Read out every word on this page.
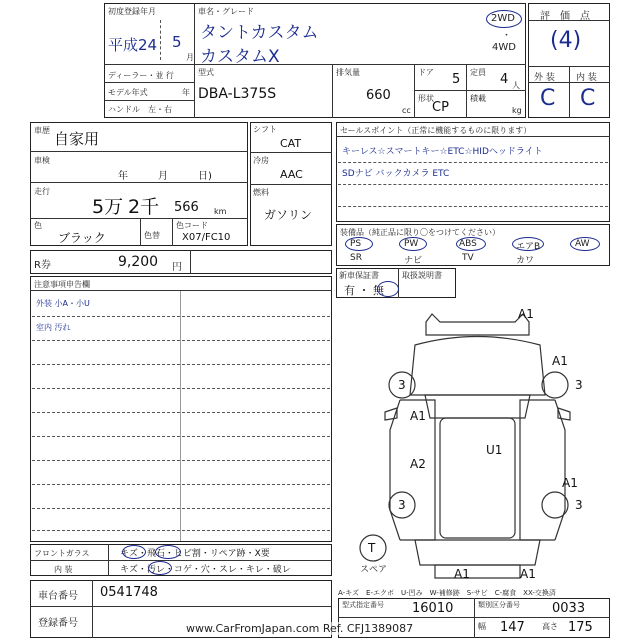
初度登録年月
平成24 5
月
車名・グレード
タントカスタム
カスタムX
2WD
・
4WD
ディーラー・並 行
モデル年式	年
ハンドル　左・右
型式
DBA-L375S
排気量
660
cc
ドア 5
形状
CP
定員 4 人
積載
kg
評　価　点
(4)
外 装 内 装
C C
車歴 自家用
車検
年　　　月　　　日)
走行
5万 2千 566 km
色
ブラック	色替
色コード
X07/FC10
シフト
CAT
冷房
AAC
燃料
ガソリン
R券	9,200 円
セールスポイント（正常に機能するものに限ります）
キーレス☆スマートキー☆ETC☆HIDヘッドライト
SDナビ バックカメラ ETC
装備品（純正品に限り〇をつけてください）
PS	PW	ABS	エアB	AW
SR	ナビ	TV	カワ
新車保証書
有 ・ 無
取扱説明書
注意事項申告欄
外装 小A・小U
室内 汚れ
A1
A1
3	3
A1
U1
A2
A1
3	3
A1	A1
T
スペア
A-キズ　E-エクボ　U-凹み　W-補修跡　S-サビ　C-腐食　XX-交換済
フロントガラス	キズ・飛石・ヒビ割・リペア跡・X要
内 装	キズ・汚レ・コゲ・穴・スレ・キレ・破レ
車台番号 0541748
登録番号
型式指定番号 16010	類別区分番号 0033
幅 147 高さ 175
www.CarFromJapan.com Ref. CFJ1389087
